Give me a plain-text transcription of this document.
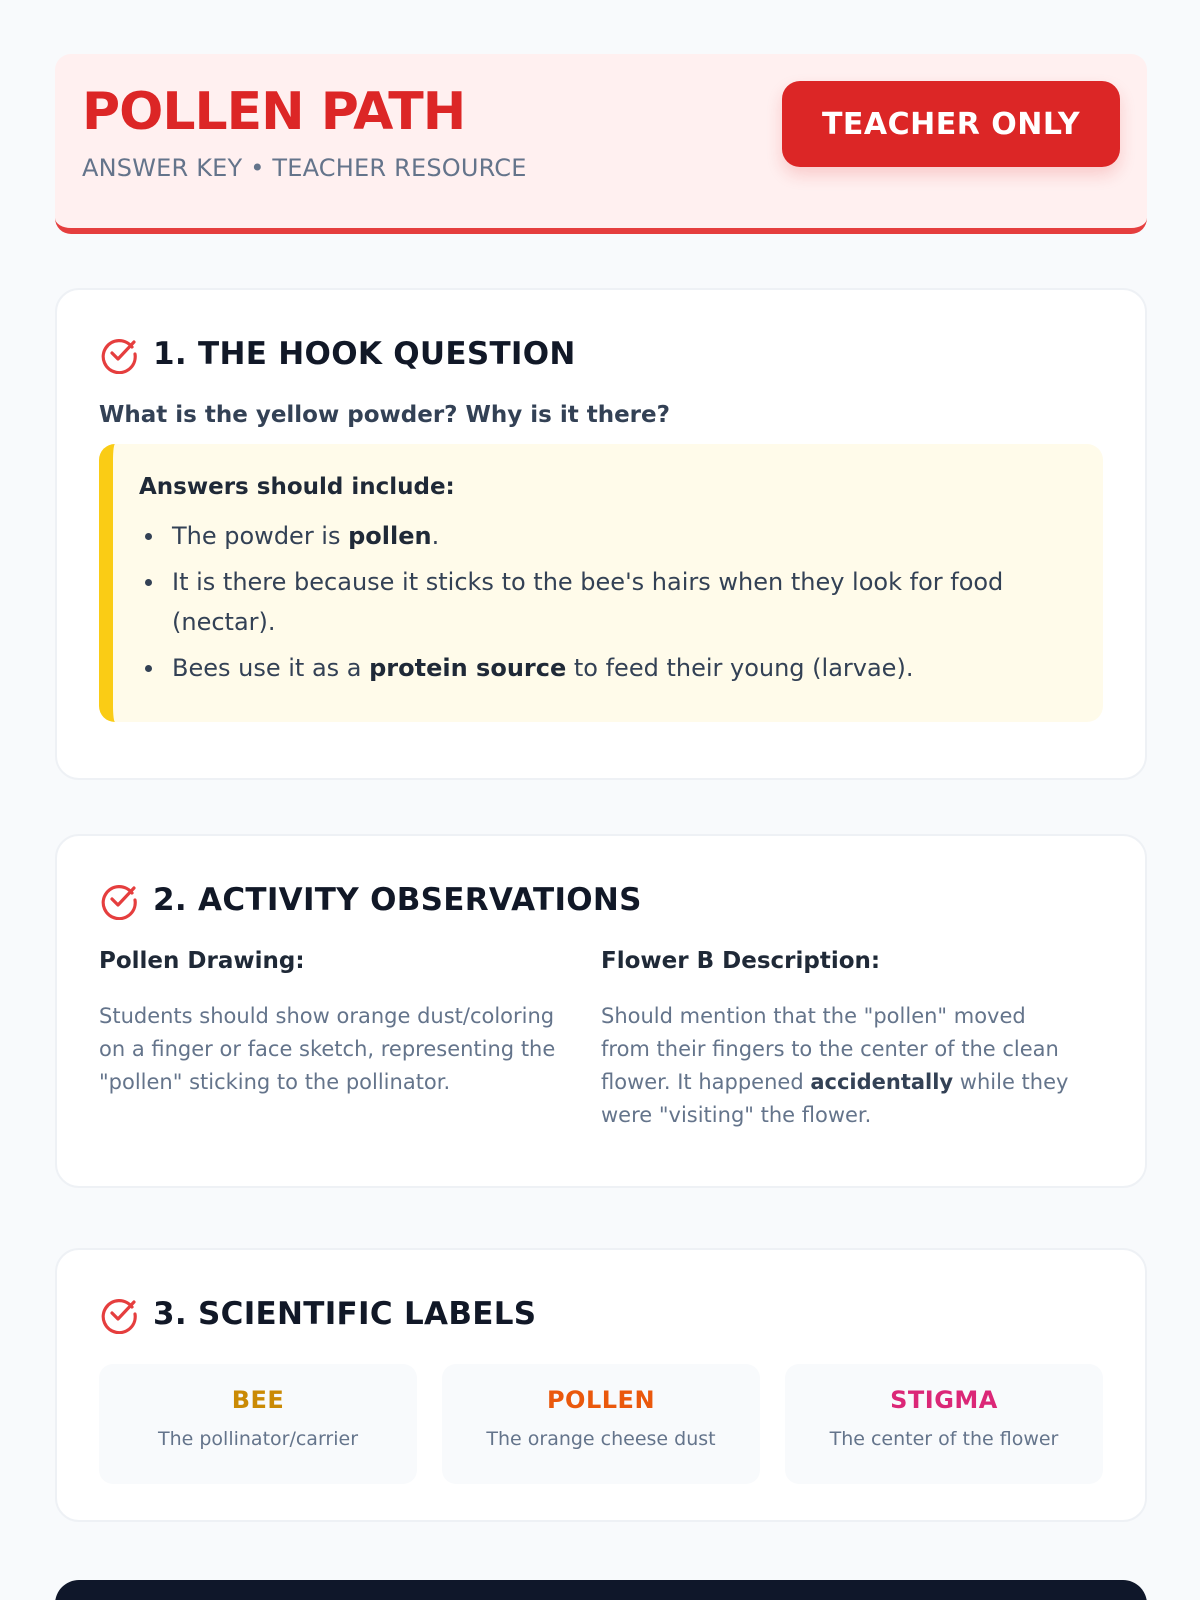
POLLEN PATH
ANSWER KEY • TEACHER RESOURCE
TEACHER ONLY
1. THE HOOK QUESTION
What is the yellow powder? Why is it there?
Answers should include:
The powder is pollen.
It is there because it sticks to the bee's hairs when they look for food (nectar).
Bees use it as a protein source to feed their young (larvae).
2. ACTIVITY OBSERVATIONS
Pollen Drawing:
Students should show orange dust/coloring on a finger or face sketch, representing the "pollen" sticking to the pollinator.
Flower B Description:
Should mention that the "pollen" moved from their fingers to the center of the clean flower. It happened accidentally while they were "visiting" the flower.
3. SCIENTIFIC LABELS
BEE
The pollinator/carrier
POLLEN
The orange cheese dust
STIGMA
The center of the flower
